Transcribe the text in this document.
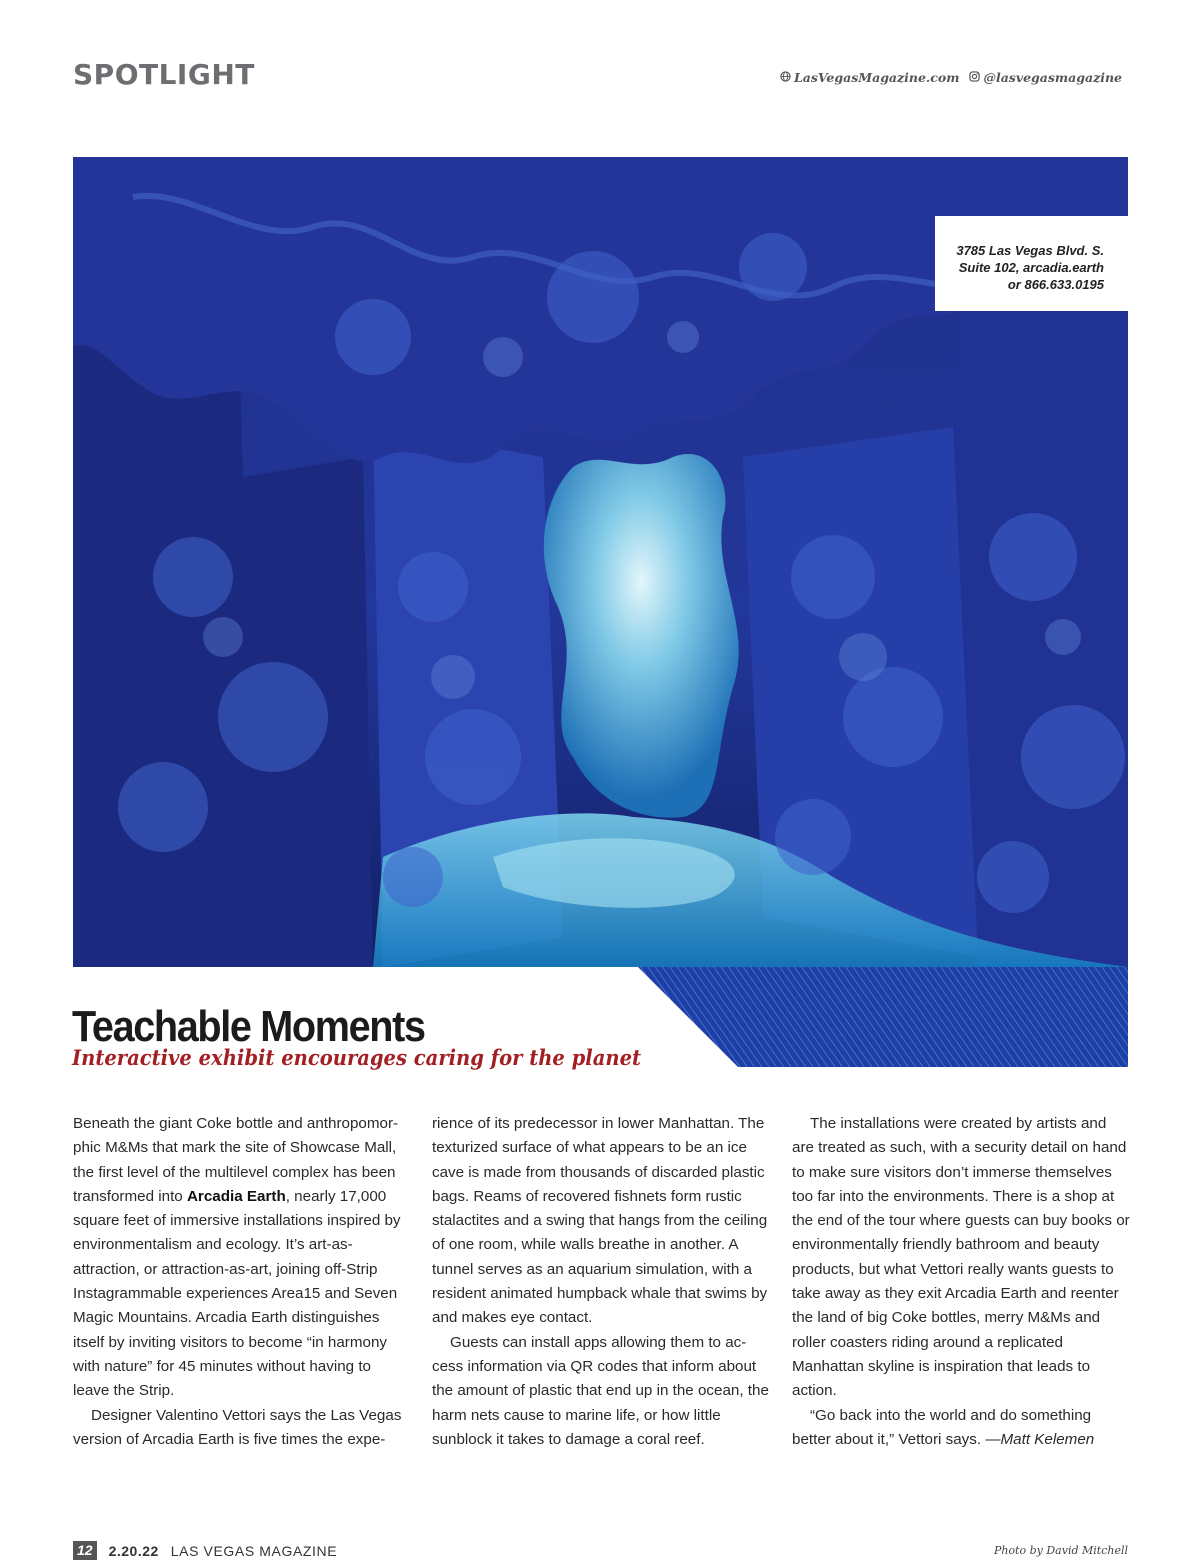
SPOTLIGHT	LasVegasMagazine.com @lasvegasmagazine
3785 Las Vegas Blvd. S.
Suite 102, arcadia.earth
or 866.633.0195
Teachable Moments
Interactive exhibit encourages caring for the planet

Beneath the giant Coke bottle and anthropomorphic M&Ms that mark the site of Showcase Mall, the first level of the multilevel complex has been transformed into Arcadia Earth, nearly 17,000 square feet of immersive installations inspired by environmentalism and ecology. It’s art-as-attraction, or attraction-as-art, joining off-Strip Instagrammable experiences Area15 and Seven Magic Mountains. Arcadia Earth distinguishes itself by inviting visitors to become “in harmony with nature” for 45 minutes without having to leave the Strip.

Designer Valentino Vettori says the Las Vegas version of Arcadia Earth is five times the expe-

rience of its predecessor in lower Manhattan. The texturized surface of what appears to be an ice cave is made from thousands of discarded plastic bags. Reams of recovered fishnets form rustic stalactites and a swing that hangs from the ceiling of one room, while walls breathe in another. A tunnel serves as an aquarium simulation, with a resident animated humpback whale that swims by and makes eye contact.

Guests can install apps allowing them to access information via QR codes that inform about the amount of plastic that end up in the ocean, the harm nets cause to marine life, or how little sunblock it takes to damage a coral reef.

The installations were created by artists and are treated as such, with a security detail on hand to make sure visitors don’t immerse themselves too far into the environments. There is a shop at the end of the tour where guests can buy books or environmentally friendly bathroom and beauty products, but what Vettori really wants guests to take away as they exit Arcadia Earth and reenter the land of big Coke bottles, merry M&Ms and roller coasters riding around a replicated Manhattan skyline is inspiration that leads to action.

“Go back into the world and do something better about it,” Vettori says. —Matt Kelemen

12 2.20.22 LAS VEGAS MAGAZINE	Photo by David Mitchell
